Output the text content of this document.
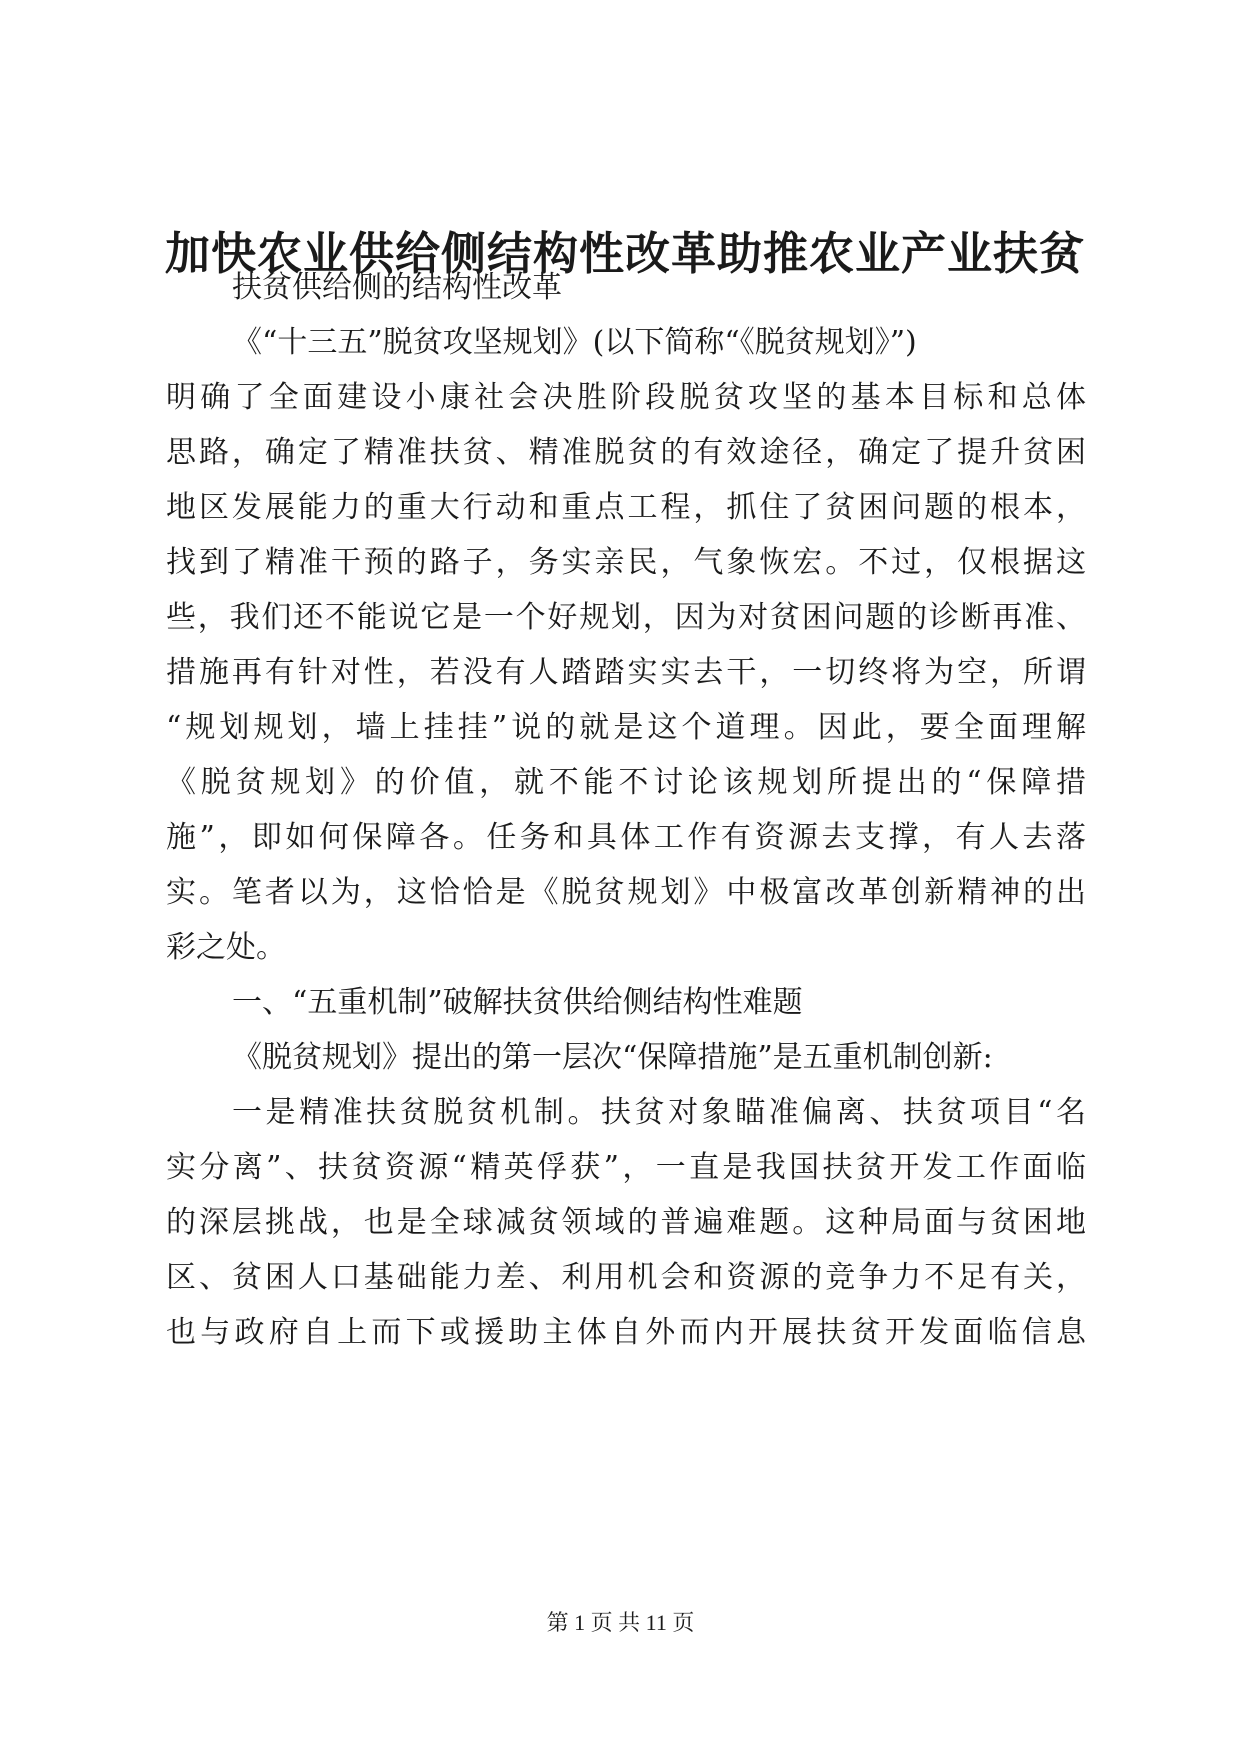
加快农业供给侧结构性改革助推农业产业扶贫

扶贫供给侧的结构性改革

《“十三五”脱贫攻坚规划》(以下简称“《脱贫规划》”)

明确了全面建设小康社会决胜阶段脱贫攻坚的基本目标和总体

思路，确定了精准扶贫、精准脱贫的有效途径，确定了提升贫困

地区发展能力的重大行动和重点工程，抓住了贫困问题的根本，

找到了精准干预的路子，务实亲民，气象恢宏。不过，仅根据这

些，我们还不能说它是一个好规划，因为对贫困问题的诊断再准、

措施再有针对性，若没有人踏踏实实去干，一切终将为空，所谓

“规划规划，墙上挂挂”说的就是这个道理。因此，要全面理解

《脱贫规划》的价值，就不能不讨论该规划所提出的“保障措

施”，即如何保障各。任务和具体工作有资源去支撑，有人去落

实。笔者以为，这恰恰是《脱贫规划》中极富改革创新精神的出

彩之处。

一、“五重机制”破解扶贫供给侧结构性难题

《脱贫规划》提出的第一层次“保障措施”是五重机制创新:

一是精准扶贫脱贫机制。扶贫对象瞄准偏离、扶贫项目“名

实分离”、扶贫资源“精英俘获”，一直是我国扶贫开发工作面临

的深层挑战，也是全球减贫领域的普遍难题。这种局面与贫困地

区、贫困人口基础能力差、利用机会和资源的竞争力不足有关，

也与政府自上而下或援助主体自外而内开展扶贫开发面临信息

第 1 页 共 11 页
